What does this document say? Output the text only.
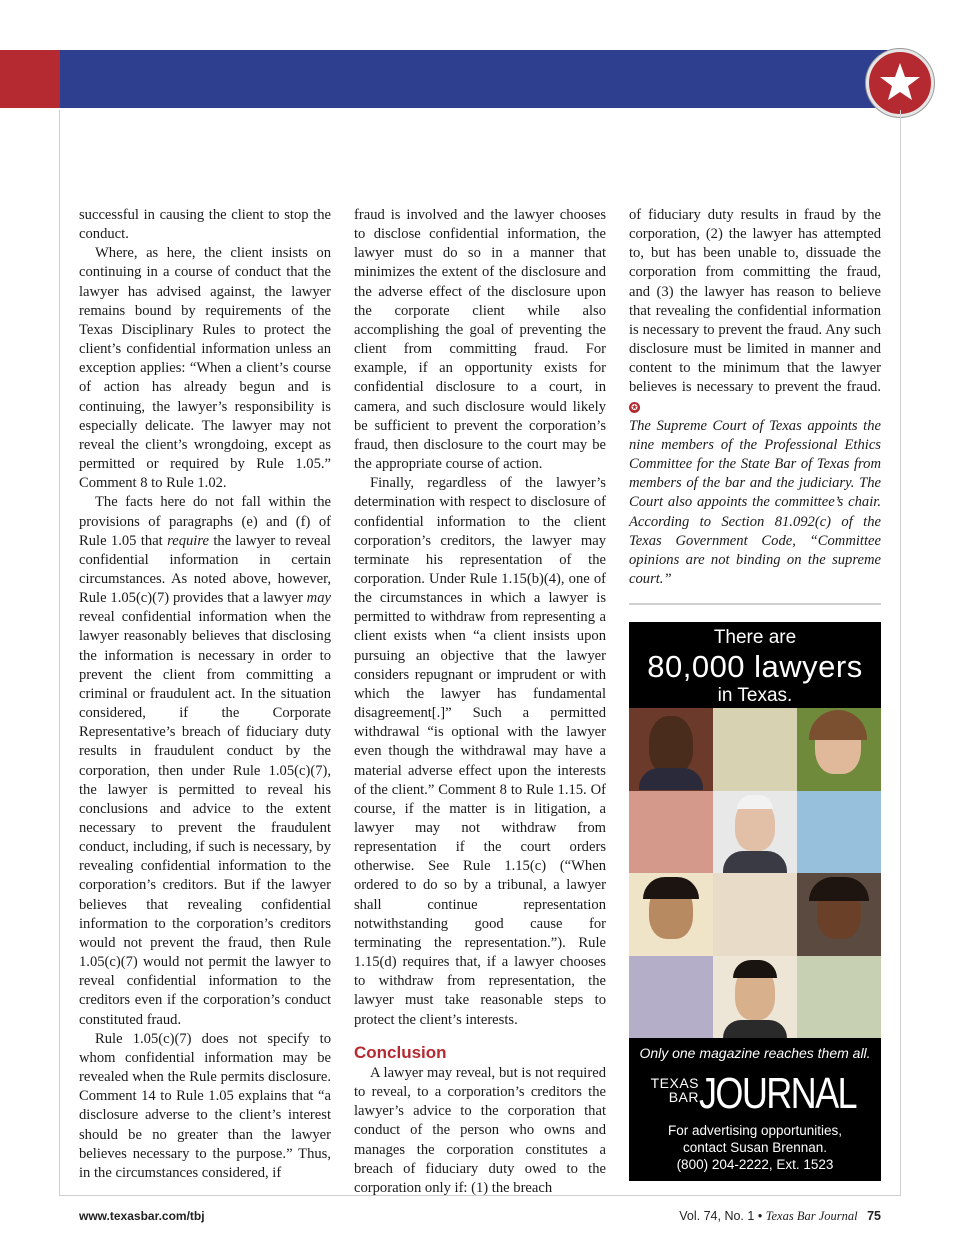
successful in causing the client to stop the conduct.

Where, as here, the client insists on continuing in a course of conduct that the lawyer has advised against, the lawyer remains bound by requirements of the Texas Disciplinary Rules to protect the client’s confidential information unless an exception applies: “When a client’s course of action has already begun and is continuing, the lawyer’s responsibility is especially delicate. The lawyer may not reveal the client’s wrongdoing, except as permitted or required by Rule 1.05.” Comment 8 to Rule 1.02.

The facts here do not fall within the provisions of paragraphs (e) and (f) of Rule 1.05 that require the lawyer to reveal confidential information in certain circumstances. As noted above, however, Rule 1.05(c)(7) provides that a lawyer may reveal confidential information when the lawyer reasonably believes that disclosing the information is necessary in order to prevent the client from committing a criminal or fraudulent act. In the situation considered, if the Corporate Representative’s breach of fiduciary duty results in fraudulent conduct by the corporation, then under Rule 1.05(c)(7), the lawyer is permitted to reveal his conclusions and advice to the extent necessary to prevent the fraudulent conduct, including, if such is necessary, by revealing confidential information to the corporation’s creditors. But if the lawyer believes that revealing confidential information to the corporation’s creditors would not prevent the fraud, then Rule 1.05(c)(7) would not permit the lawyer to reveal confidential information to the creditors even if the corporation’s conduct constituted fraud.

Rule 1.05(c)(7) does not specify to whom confidential information may be revealed when the Rule permits disclosure. Comment 14 to Rule 1.05 explains that “a disclosure adverse to the client’s interest should be no greater than the lawyer believes necessary to the purpose.” Thus, in the circumstances considered, if

fraud is involved and the lawyer chooses to disclose confidential information, the lawyer must do so in a manner that minimizes the extent of the disclosure and the adverse effect of the disclosure upon the corporate client while also accomplishing the goal of preventing the client from committing fraud. For example, if an opportunity exists for confidential disclosure to a court, in camera, and such disclosure would likely be sufficient to prevent the corporation’s fraud, then disclosure to the court may be the appropriate course of action.

Finally, regardless of the lawyer’s determination with respect to disclosure of confidential information to the client corporation’s creditors, the lawyer may terminate his representation of the corporation. Under Rule 1.15(b)(4), one of the circumstances in which a lawyer is permitted to withdraw from representing a client exists when “a client insists upon pursuing an objective that the lawyer considers repugnant or imprudent or with which the lawyer has fundamental disagreement[.]” Such a permitted withdrawal “is optional with the lawyer even though the withdrawal may have a material adverse effect upon the interests of the client.” Comment 8 to Rule 1.15. Of course, if the matter is in litigation, a lawyer may not withdraw from representation if the court orders otherwise. See Rule 1.15(c) (“When ordered to do so by a tribunal, a lawyer shall continue representation notwithstanding good cause for terminating the representation.”). Rule 1.15(d) requires that, if a lawyer chooses to withdraw from representation, the lawyer must take reasonable steps to protect the client’s interests.

Conclusion

A lawyer may reveal, but is not required to reveal, to a corporation’s creditors the lawyer’s advice to the corporation that conduct of the person who owns and manages the corporation constitutes a breach of fiduciary duty owed to the corporation only if: (1) the breach

of fiduciary duty results in fraud by the corporation, (2) the lawyer has attempted to, but has been unable to, dissuade the corporation from committing the fraud, and (3) the lawyer has reason to believe that revealing the confidential information is necessary to prevent the fraud. Any such disclosure must be limited in manner and content to the minimum that the lawyer believes is necessary to prevent the fraud. ✪

The Supreme Court of Texas appoints the nine members of the Professional Ethics Committee for the State Bar of Texas from members of the bar and the judiciary. The Court also appoints the committee’s chair. According to Section 81.092(c) of the Texas Government Code, “Committee opinions are not binding on the supreme court.”

There are
80,000 lawyers
in Texas.
Only one magazine reaches them all.
TEXAS
BAR JOURNAL
For advertising opportunities,
contact Susan Brennan.
(800) 204-2222, Ext. 1523
www.texasbar.com/tbj	Vol. 74, No. 1 • Texas Bar Journal 75
